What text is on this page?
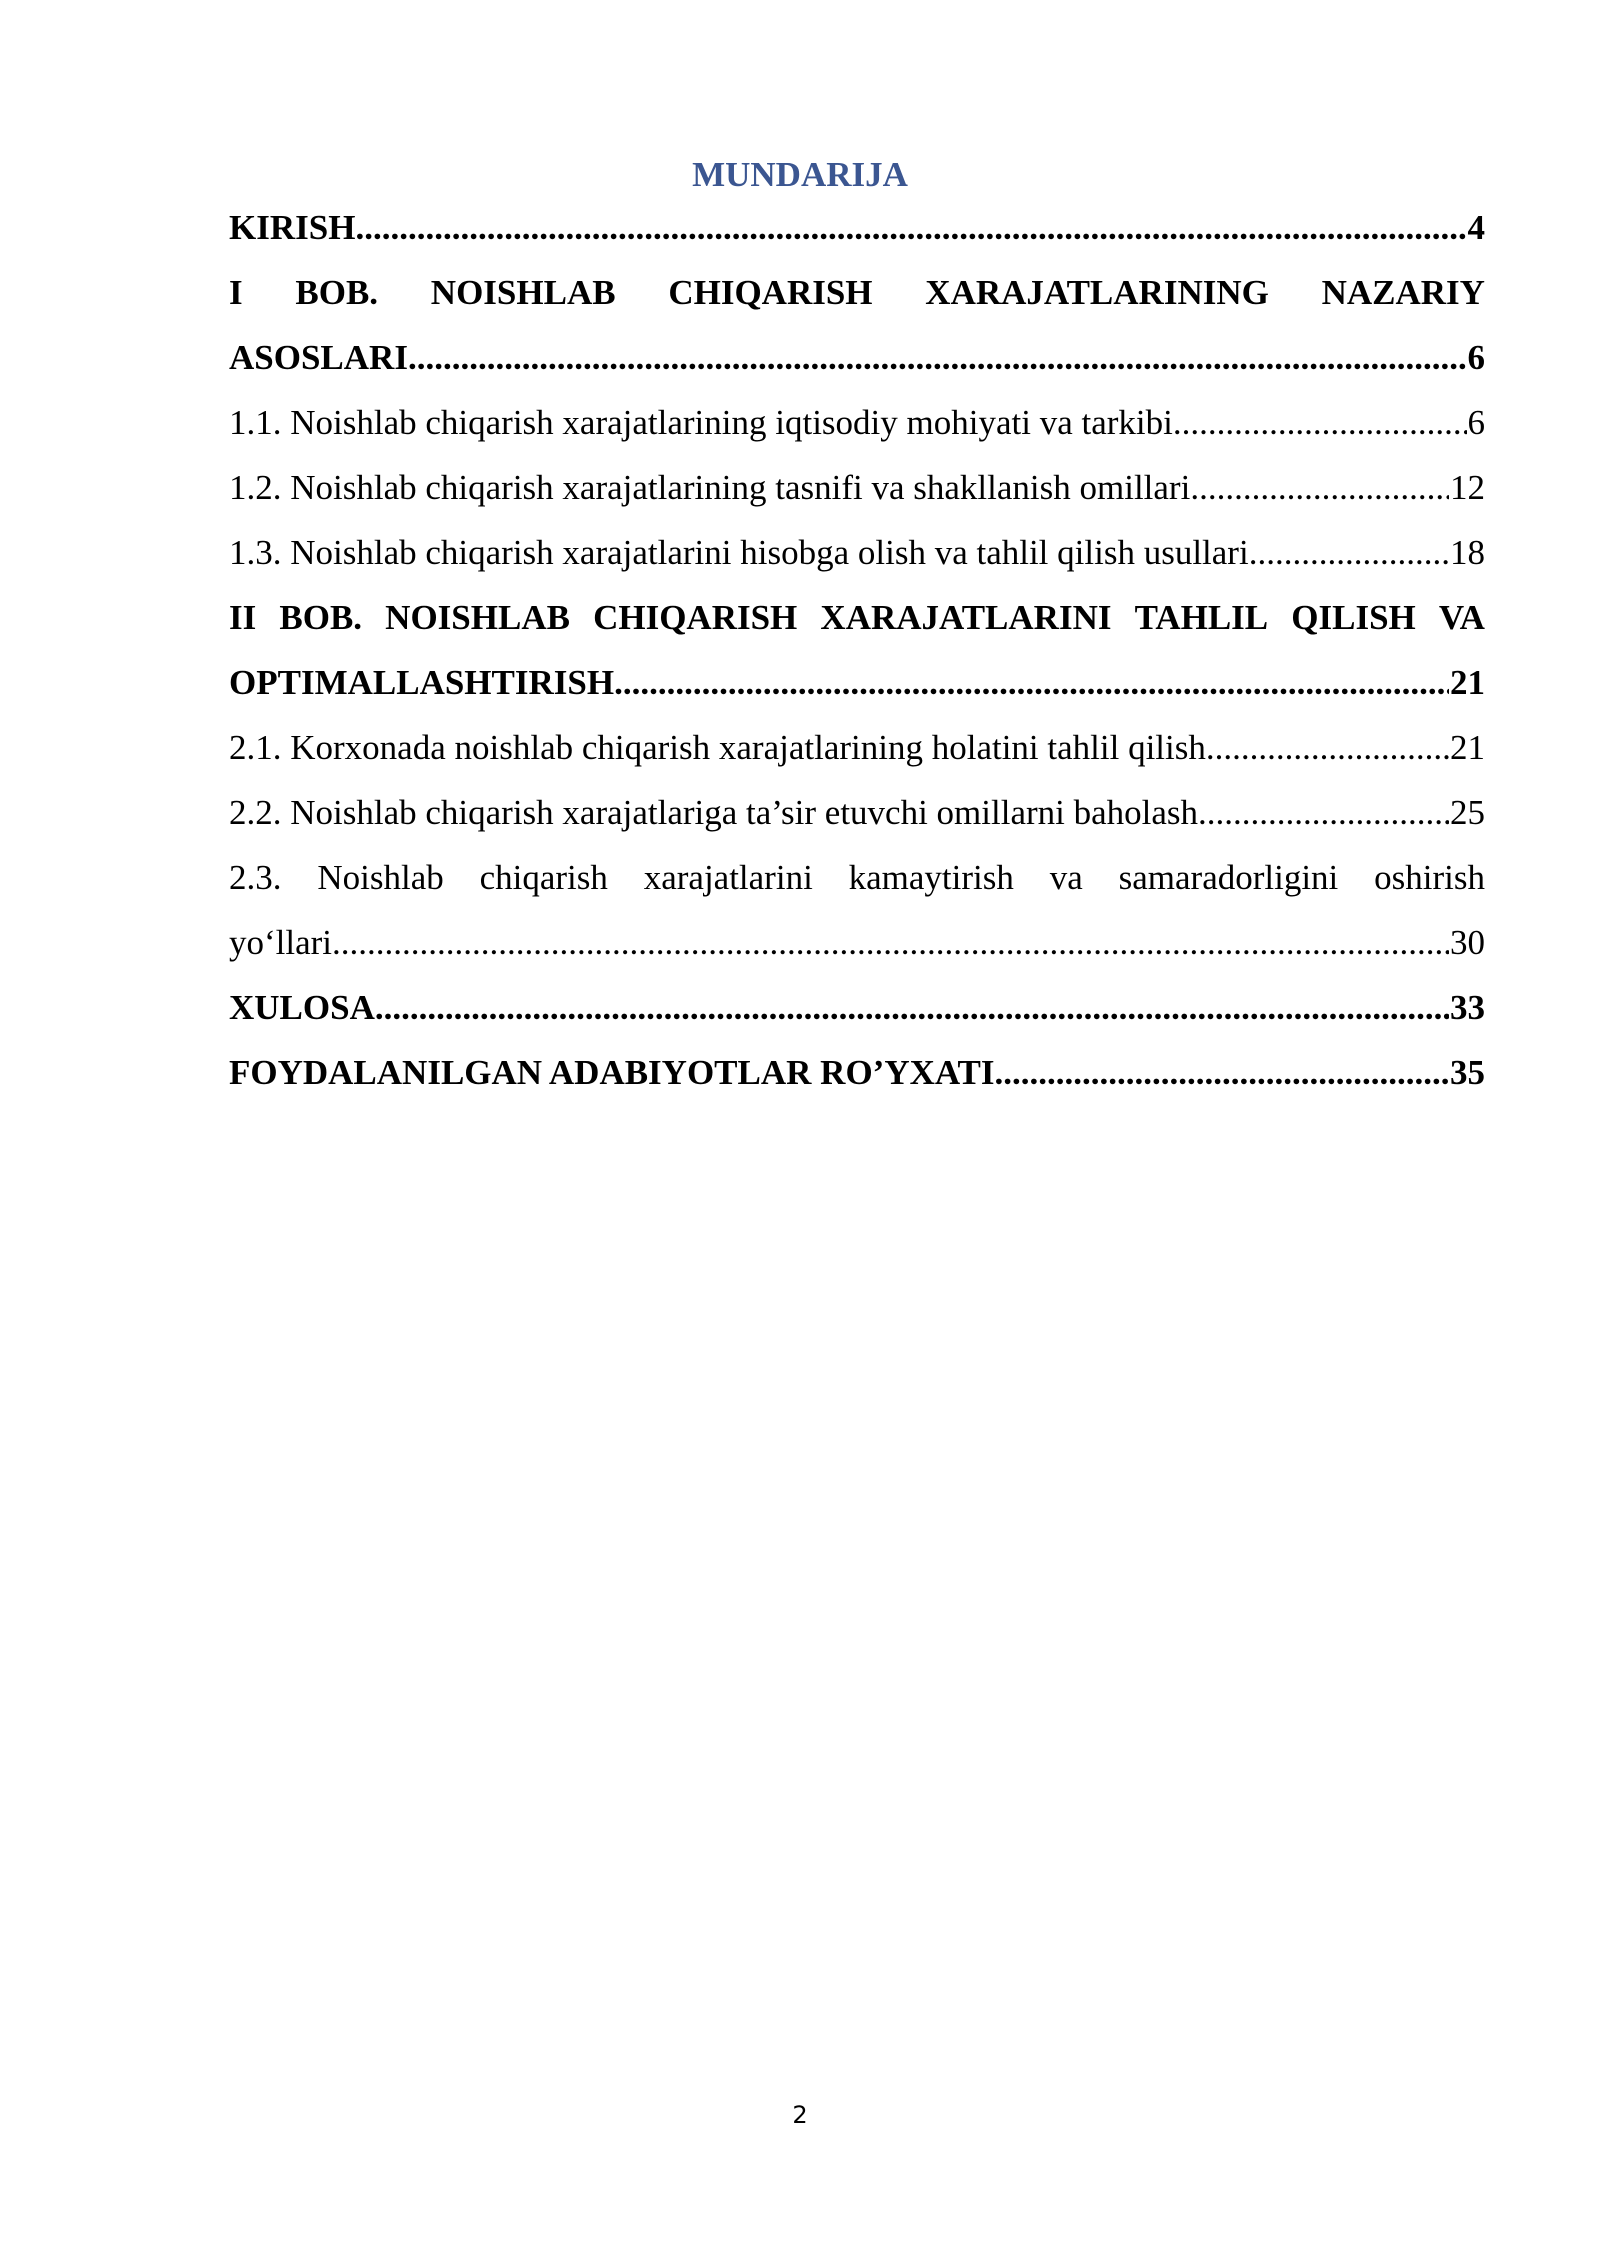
MUNDARIJA
KIRISH .....	4
I BOB. NOISHLAB CHIQARISH XARAJATLARINING NAZARIY
ASOSLARI .....	6
1.1. Noishlab chiqarish xarajatlarining iqtisodiy mohiyati va tarkibi .....	6
1.2. Noishlab chiqarish xarajatlarining tasnifi va shakllanish omillari .....	12
1.3. Noishlab chiqarish xarajatlarini hisobga olish va tahlil qilish usullari .....	18
II BOB. NOISHLAB CHIQARISH XARAJATLARINI TAHLIL QILISH VA
OPTIMALLASHTIRISH .....	21
2.1. Korxonada noishlab chiqarish xarajatlarining holatini tahlil qilish .....	21
2.2. Noishlab chiqarish xarajatlariga ta’sir etuvchi omillarni baholash .....	25
2.3. Noishlab chiqarish xarajatlarini kamaytirish va samaradorligini oshirish
yo‘llari .....	30
XULOSA .....	33
FOYDALANILGAN ADABIYOTLAR RO’YXATI .....	35
2
